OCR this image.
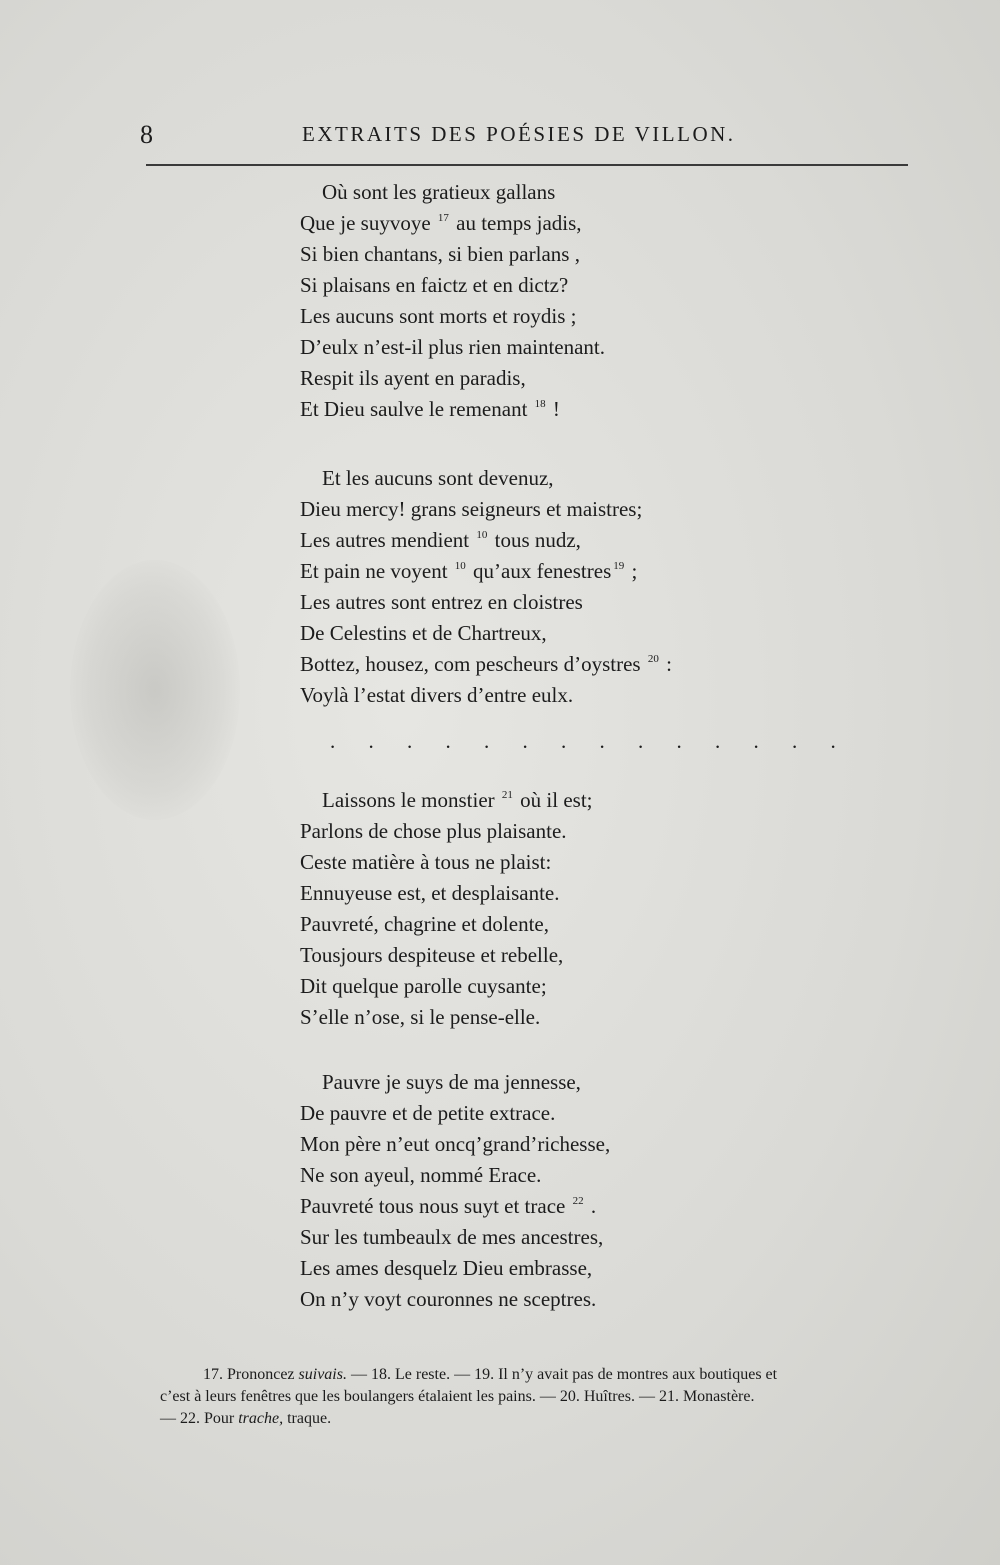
8	EXTRAITS DES POÉSIES DE VILLON.
Où sont les gratieux gallans
Que je suyvoye $^{17}$ au temps jadis,
Si bien chantans, si bien parlans ,
Si plaisans en faictz et en dictz?
Les aucuns sont morts et roydis ;
D’eulx n’est-il plus rien maintenant.
Respit ils ayent en paradis,
Et Dieu saulve le remenant $^{18}$ !
Et les aucuns sont devenuz,
Dieu mercy! grans seigneurs et maistres;
Les autres mendient $^{10}$ tous nudz,
Et pain ne voyent $^{10}$ qu’aux fenestres $^{19}$ ;
Les autres sont entrez en cloistres
De Celestins et de Chartreux,
Bottez, housez, com pescheurs d’oystres $^{20}$ :
Voylà l’estat divers d’entre eulx.
. . . . . . . . . . . . . .
Laissons le monstier $^{21}$ où il est;
Parlons de chose plus plaisante.
Ceste matière à tous ne plaist:
Ennuyeuse est, et desplaisante.
Pauvreté, chagrine et dolente,
Tousjours despiteuse et rebelle,
Dit quelque parolle cuysante;
S’elle n’ose, si le pense-elle.
Pauvre je suys de ma jennesse,
De pauvre et de petite extrace.
Mon père n’eut oncq’grand’richesse,
Ne son ayeul, nommé Erace.
Pauvreté tous nous suyt et trace $^{22}$ .
Sur les tumbeaulx de mes ancestres,
Les ames desquelz Dieu embrasse,
On n’y voyt couronnes ne sceptres.
17. Prononcez suivais. — 18. Le reste. — 19. Il n’y avait pas de montres aux boutiques et
c’est à leurs fenêtres que les boulangers étalaient les pains. — 20. Huîtres. — 21. Monastère.
— 22. Pour trache, traque.
